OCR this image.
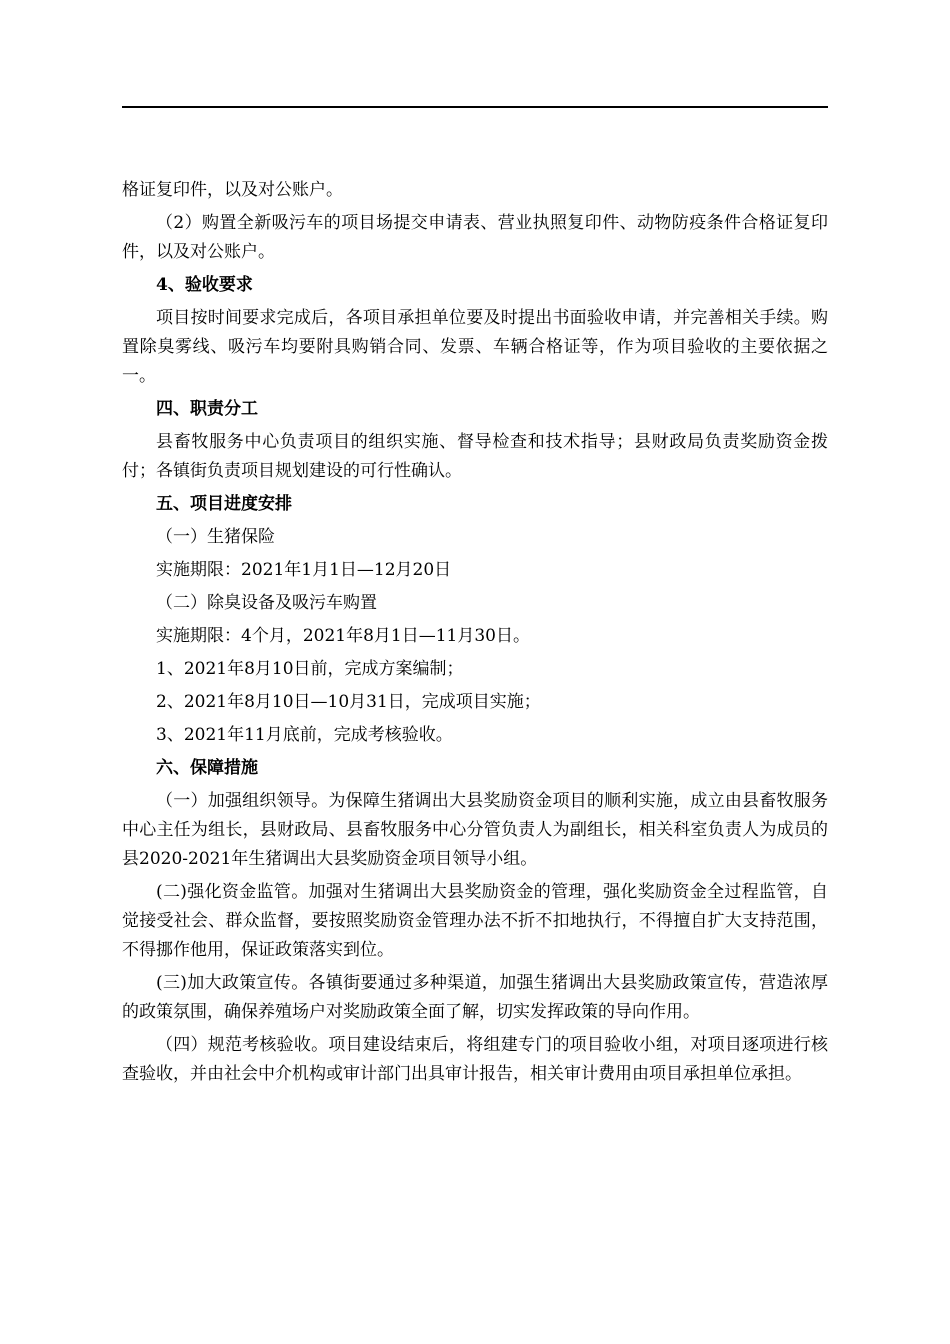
格证复印件，以及对公账户。

（2）购置全新吸污车的项目场提交申请表、营业执照复印件、动物防疫条件合格证复印件，以及对公账户。

4、验收要求

项目按时间要求完成后，各项目承担单位要及时提出书面验收申请，并完善相关手续。购置除臭雾线、吸污车均要附具购销合同、发票、车辆合格证等，作为项目验收的主要依据之一。

四、职责分工

县畜牧服务中心负责项目的组织实施、督导检查和技术指导；县财政局负责奖励资金拨付；各镇街负责项目规划建设的可行性确认。

五、项目进度安排

（一）生猪保险

实施期限：2021年1月1日—12月20日

（二）除臭设备及吸污车购置

实施期限：4个月，2021年8月1日—11月30日。

1、2021年8月10日前，完成方案编制；

2、2021年8月10日—10月31日，完成项目实施；

3、2021年11月底前，完成考核验收。

六、保障措施

（一）加强组织领导。为保障生猪调出大县奖励资金项目的顺利实施，成立由县畜牧服务中心主任为组长，县财政局、县畜牧服务中心分管负责人为副组长，相关科室负责人为成员的县2020-2021年生猪调出大县奖励资金项目领导小组。

(二)强化资金监管。加强对生猪调出大县奖励资金的管理，强化奖励资金全过程监管，自觉接受社会、群众监督，要按照奖励资金管理办法不折不扣地执行，不得擅自扩大支持范围，不得挪作他用，保证政策落实到位。

(三)加大政策宣传。各镇街要通过多种渠道，加强生猪调出大县奖励政策宣传，营造浓厚的政策氛围，确保养殖场户对奖励政策全面了解，切实发挥政策的导向作用。

（四）规范考核验收。项目建设结束后，将组建专门的项目验收小组，对项目逐项进行核查验收，并由社会中介机构或审计部门出具审计报告，相关审计费用由项目承担单位承担。
